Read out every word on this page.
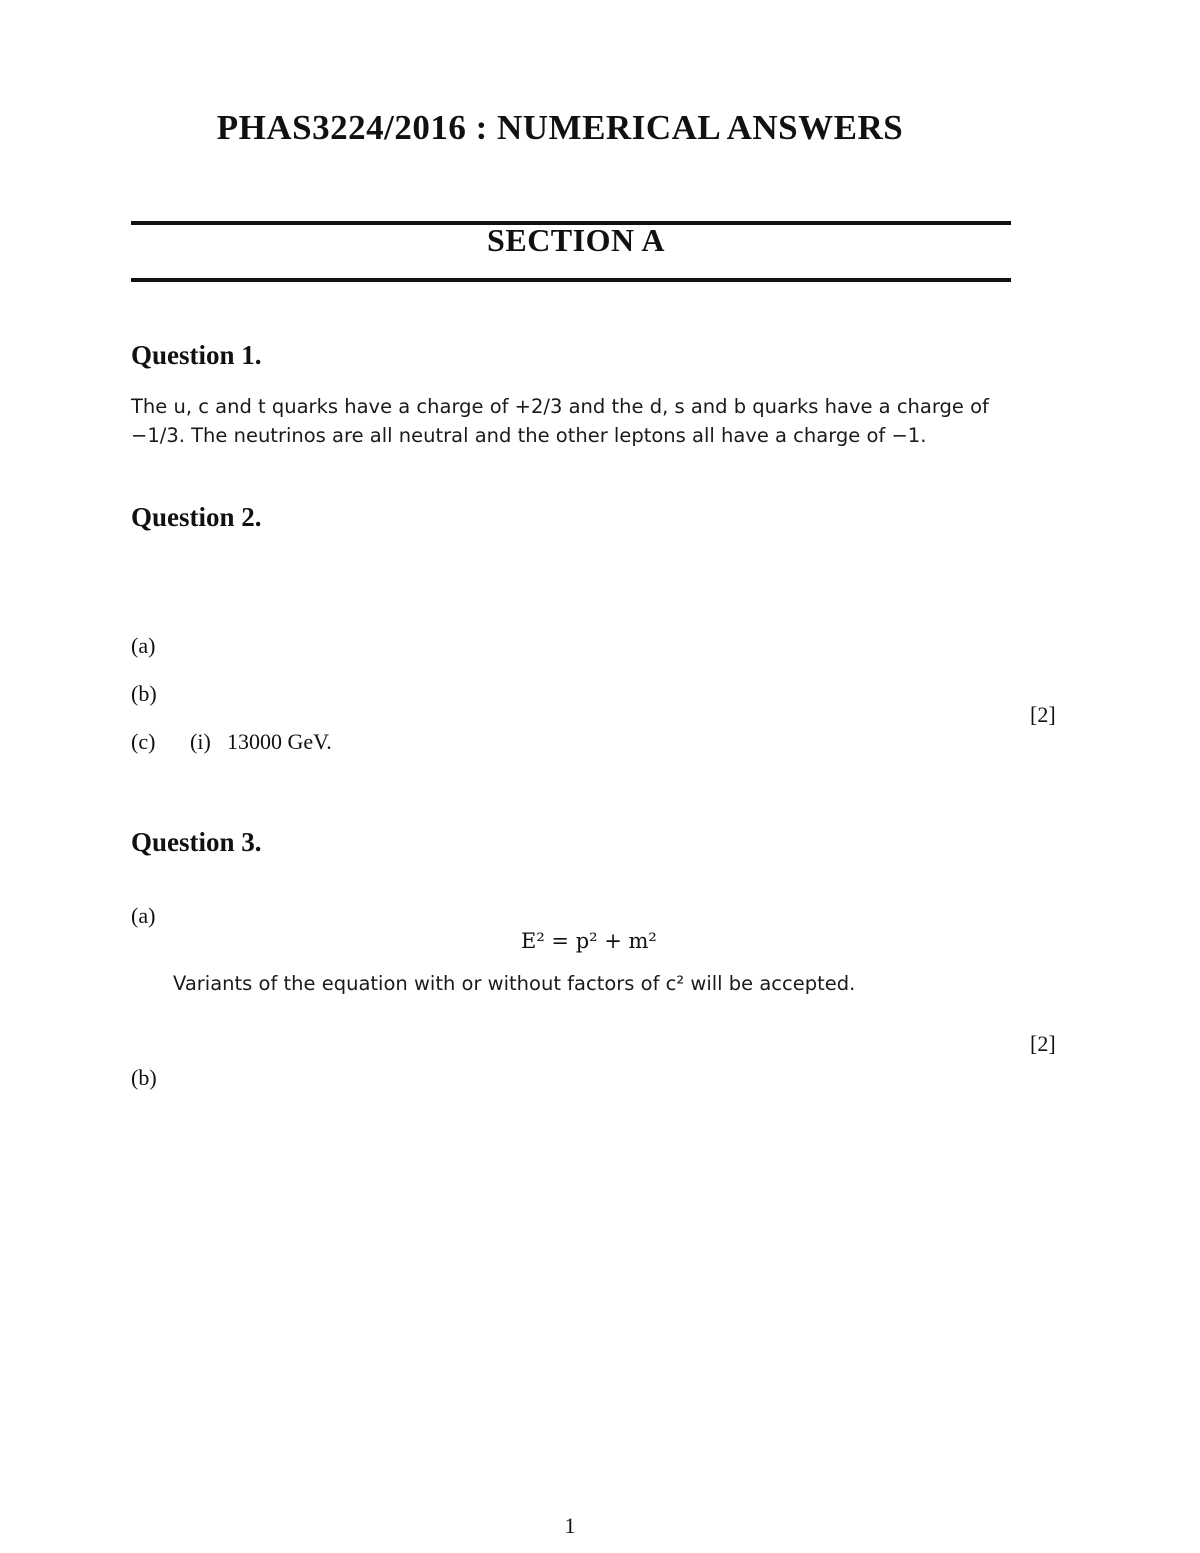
PHAS3224/2016 : NUMERICAL ANSWERS
SECTION A
Question 1.
The u, c and t quarks have a charge of +2/3 and the d, s and b quarks have a charge of −1/3. The neutrinos are all neutral and the other leptons all have a charge of −1.
Question 2.
(a)
(b)
[2]
(c) (i) 13000 GeV.
Question 3.
(a)
E² = p² + m²
Variants of the equation with or without factors of c² will be accepted.
[2]
(b)
1
